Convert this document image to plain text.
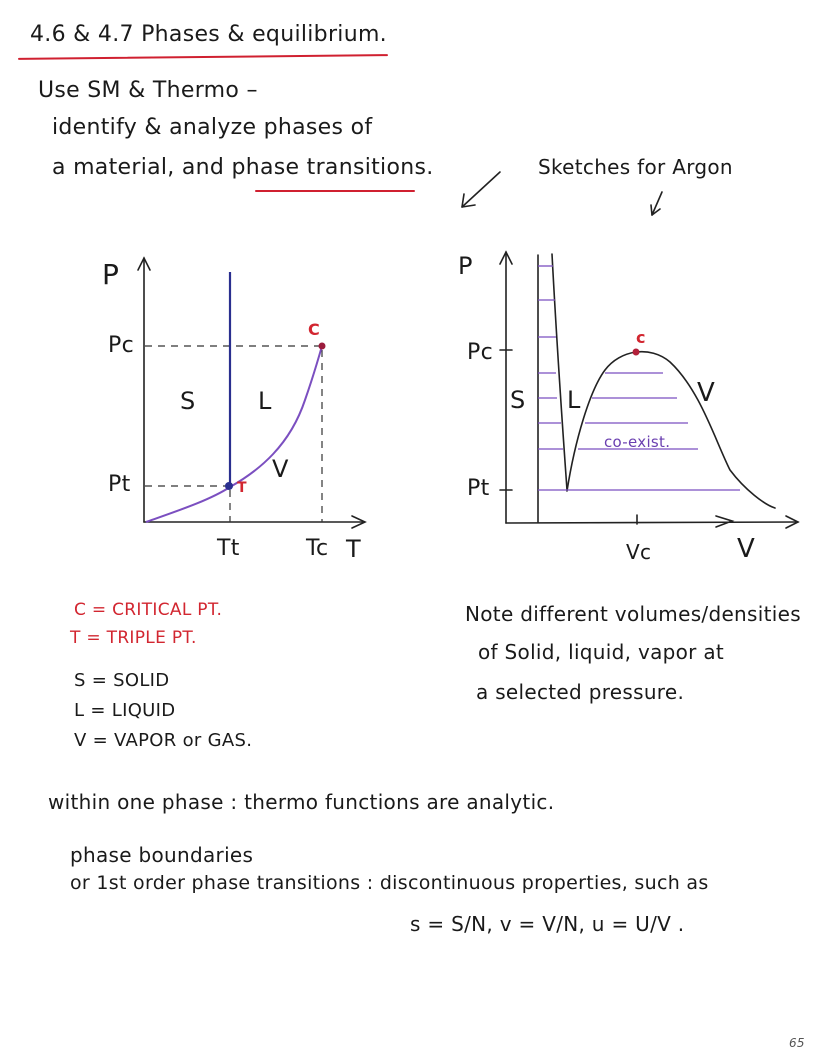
4.6 & 4.7 Phases & equilibrium.
Use SM & Thermo –
identify & analyze phases of
a material, and phase transitions.	Sketches for Argon
P
Pc
Pt
Tt	Tc T
S	L
V
C
T
P
Pc
Pt
Vc	V
S L	V
c
co-exist.
C = CRITICAL PT.
T = TRIPLE PT.
S = SOLID
L = LIQUID
V = VAPOR or GAS.
Note different volumes/densities
of Solid, liquid, vapor at
a selected pressure.
within one phase : thermo functions are analytic.
phase boundaries
or 1st order phase transitions : discontinuous properties, such as
s = S/N, v = V/N, u = U/V .
65
